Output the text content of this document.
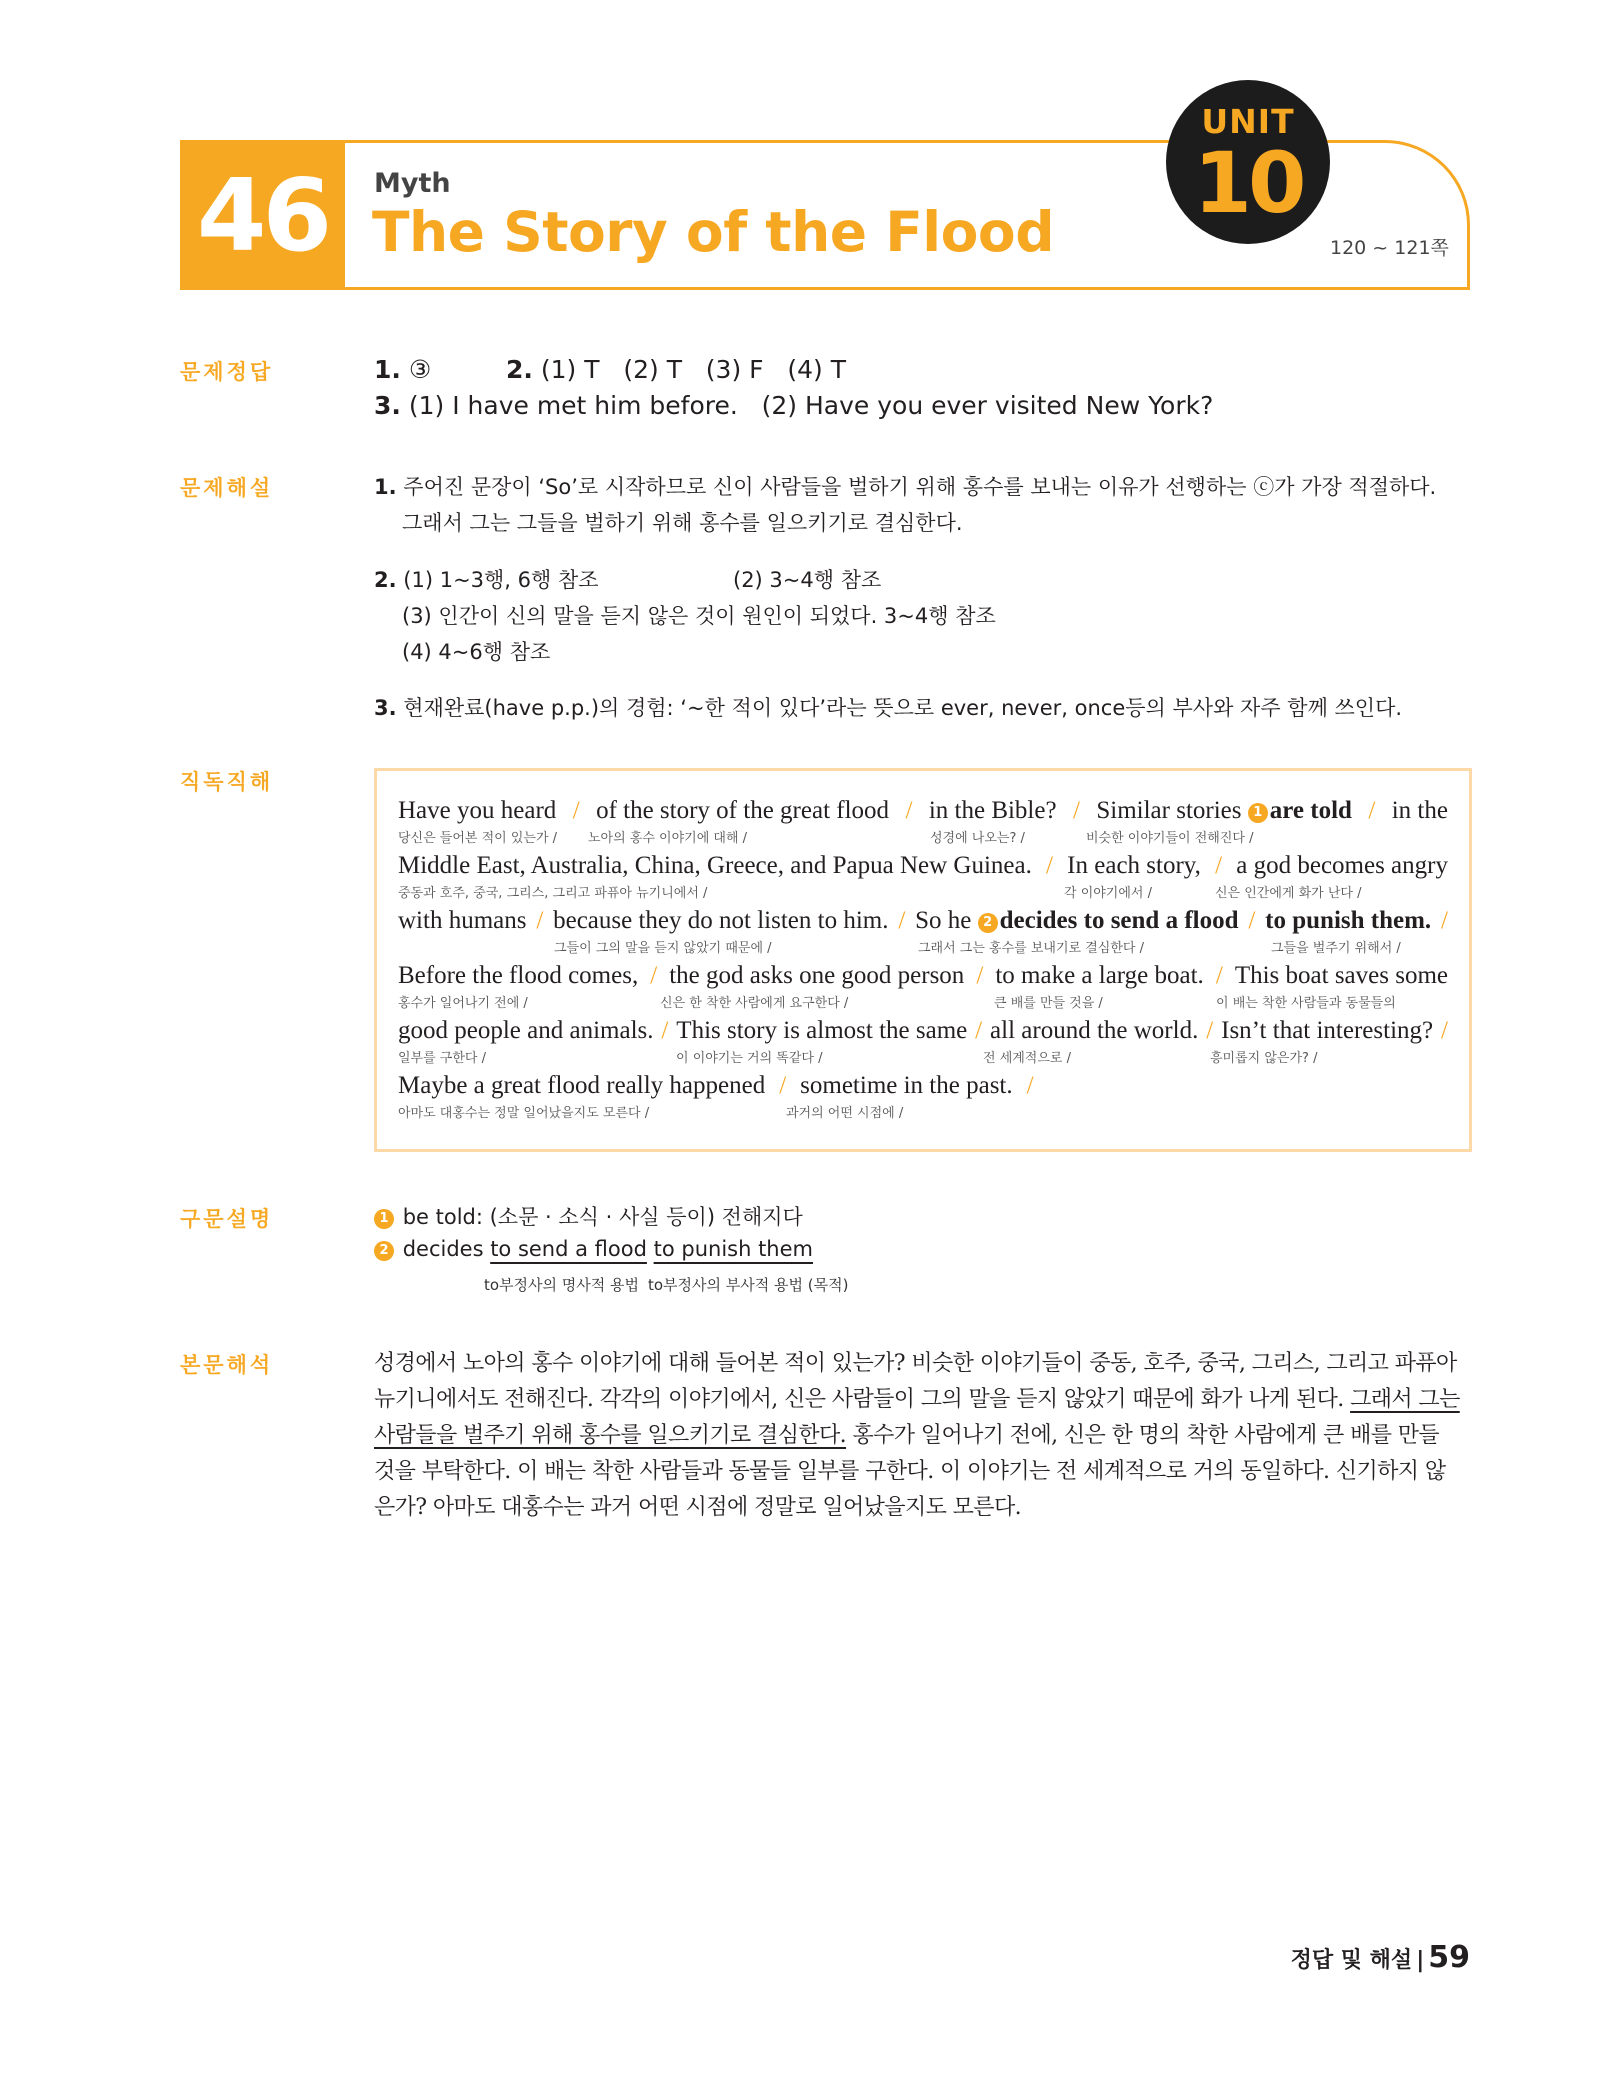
46	Myth
The Story of the Flood
UNIT
10
120 ~ 121쪽
문제정답	1. ③	2. (1) T   (2) T   (3) F   (4) T
3. (1) I have met him before.   (2) Have you ever visited New York?
문제해설	1. 주어진 문장이 ‘So’로 시작하므로 신이 사람들을 벌하기 위해 홍수를 보내는 이유가 선행하는 ⓒ가 가장 적절하다.
그래서 그는 그들을 벌하기 위해 홍수를 일으키기로 결심한다.
2. (1) 1~3행, 6행 참조	(2) 3~4행 참조
(3) 인간이 신의 말을 듣지 않은 것이 원인이 되었다. 3~4행 참조
(4) 4~6행 참조
3. 현재완료(have p.p.)의 경험: ‘~한 적이 있다’라는 뜻으로 ever, never, once등의 부사와 자주 함께 쓰인다.
직독직해
Have you heard / of the story of the great flood / in the Bible? / Similar stories 1 are told / in the
당신은 들어본 적이 있는가 / 노아의 홍수 이야기에 대해 /	성경에 나오는? /	비슷한 이야기들이 전해진다 /
Middle East, Australia, China, Greece, and Papua New Guinea. / In each story, / a god becomes angry
중동과 호주, 중국, 그리스, 그리고 파퓨아 뉴기니에서 /	각 이야기에서 /	신은 인간에게 화가 난다 /
with humans / because they do not listen to him. / So he 2 decides to send a flood / to punish them. /
그들이 그의 말을 듣지 않았기 때문에 /	그래서 그는 홍수를 보내기로 결심한다 /	그들을 벌주기 위해서 /
Before the flood comes, / the god asks one good person / to make a large boat. / This boat saves some
홍수가 일어나기 전에 /	신은 한 착한 사람에게 요구한다 /	큰 배를 만들 것을 /	이 배는 착한 사람들과 동물들의
good people and animals. / This story is almost the same / all around the world. / Isn’t that interesting? /
일부를 구한다 /	이 이야기는 거의 똑같다 /	전 세계적으로 /	흥미롭지 않은가? /
Maybe a great flood really happened / sometime in the past. /
아마도 대홍수는 정말 일어났을지도 모른다 /	과거의 어떤 시점에 /
구문설명	1 be told: (소문 · 소식 · 사실 등이) 전해지다
2 decides to send a flood to punish them
to부정사의 명사적 용법 to부정사의 부사적 용법 (목적)
본문해석	성경에서 노아의 홍수 이야기에 대해 들어본 적이 있는가? 비슷한 이야기들이 중동, 호주, 중국, 그리스, 그리고 파퓨아
뉴기니에서도 전해진다. 각각의 이야기에서, 신은 사람들이 그의 말을 듣지 않았기 때문에 화가 나게 된다. 그래서 그는
사람들을 벌주기 위해 홍수를 일으키기로 결심한다. 홍수가 일어나기 전에, 신은 한 명의 착한 사람에게 큰 배를 만들
것을 부탁한다. 이 배는 착한 사람들과 동물들 일부를 구한다. 이 이야기는 전 세계적으로 거의 동일하다. 신기하지 않
은가? 아마도 대홍수는 과거 어떤 시점에 정말로 일어났을지도 모른다.
정답 및 해설 | 59
